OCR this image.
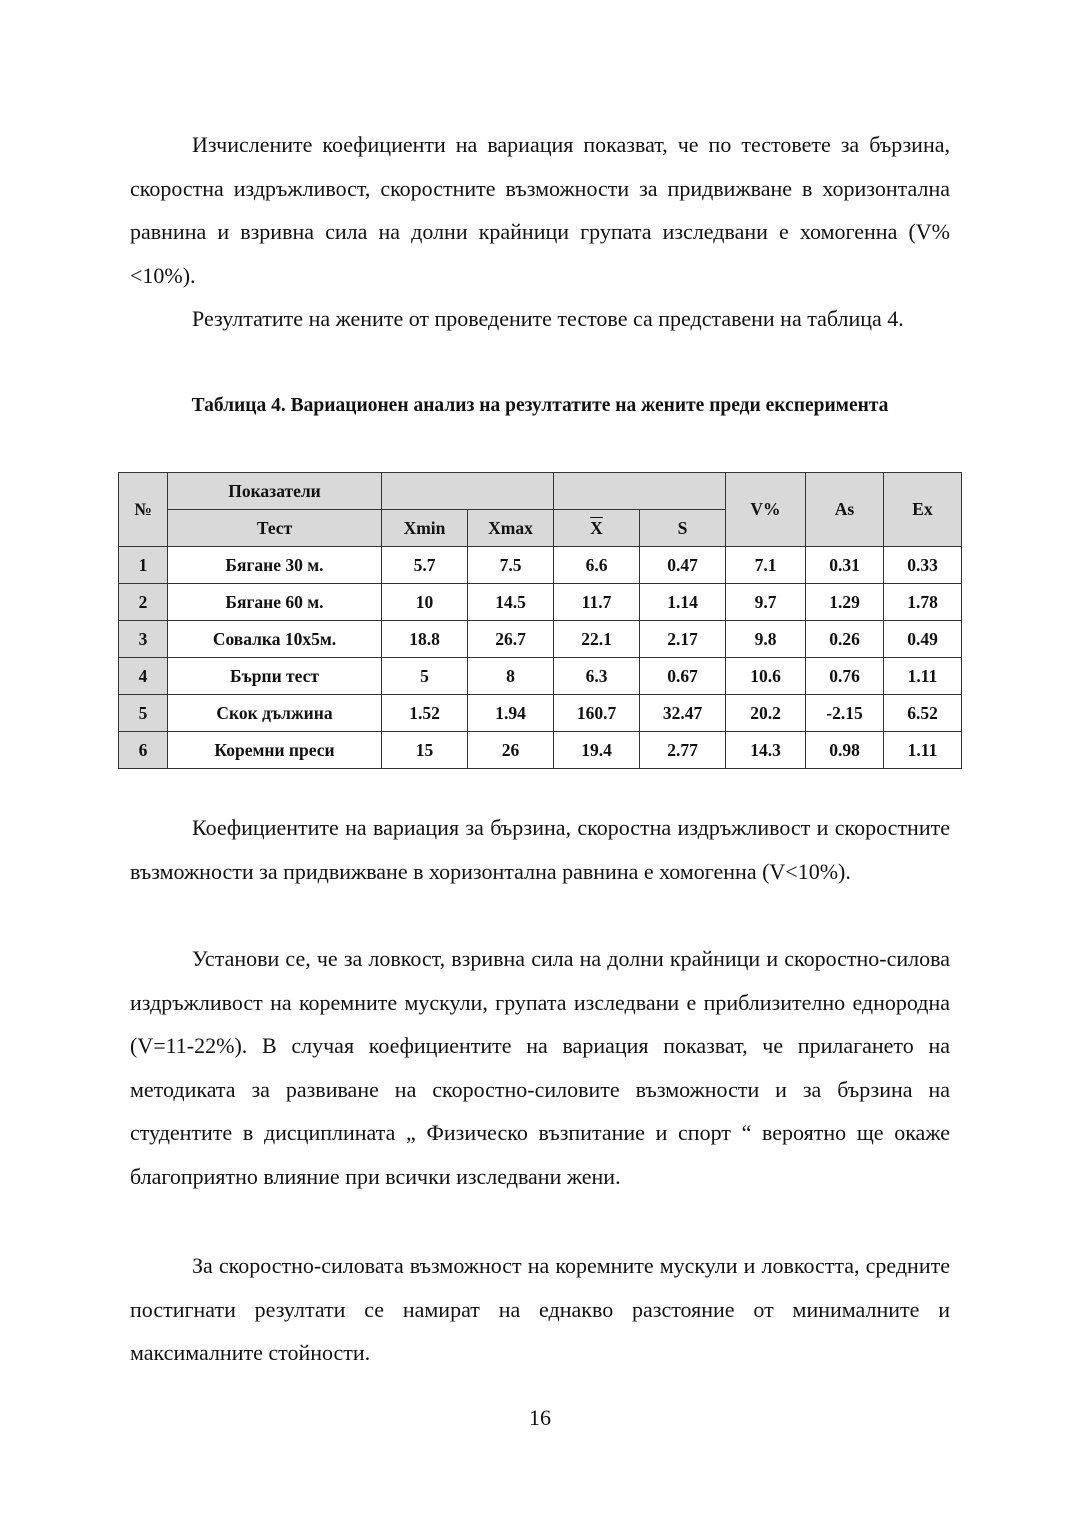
Изчислените коефициенти на вариация показват, че по тестовете за бързина, скоростна издръжливост, скоростните възможности за придвижване в хоризонтална равнина и взривна сила на долни крайници групата изследвани е хомогенна (V%<10%).

Резултатите на жените от проведените тестове са представени на таблица 4.

Таблица 4. Вариационен анализ на резултатите на жените преди експеримента

№	Показатели					V%	As	Ex
	Тест	Xmin	Xmax	$\overline{X}$	S			
1	Бягане 30 м.	5.7	7.5	6.6	0.47	7.1	0.31	0.33
2	Бягане 60 м.	10	14.5	11.7	1.14	9.7	1.29	1.78
3	Совалка 10х5м.	18.8	26.7	22.1	2.17	9.8	0.26	0.49
4	Бърпи тест	5	8	6.3	0.67	10.6	0.76	1.11
5	Скок дължина	1.52	1.94	160.7	32.47	20.2	-2.15	6.52
6	Коремни преси	15	26	19.4	2.77	14.3	0.98	1.11

Коефициентите на вариация за бързина, скоростна издръжливост и скоростните възможности за придвижване в хоризонтална равнина е хомогенна (V<10%).

Установи се, че за ловкост, взривна сила на долни крайници и скоростно-силова издръжливост на коремните мускули, групата изследвани е приблизително еднородна (V=11-22%). В случая коефициентите на вариация показват, че прилагането на методиката за развиване на скоростно-силовите възможности и за бързина на студентите в дисциплината „ Физическо възпитание и спорт “ вероятно ще окаже благоприятно влияние при всички изследвани жени.

За скоростно-силовата възможност на коремните мускули и ловкостта, средните постигнати резултати се намират на еднакво разстояние от минималните и максималните стойности.

16
